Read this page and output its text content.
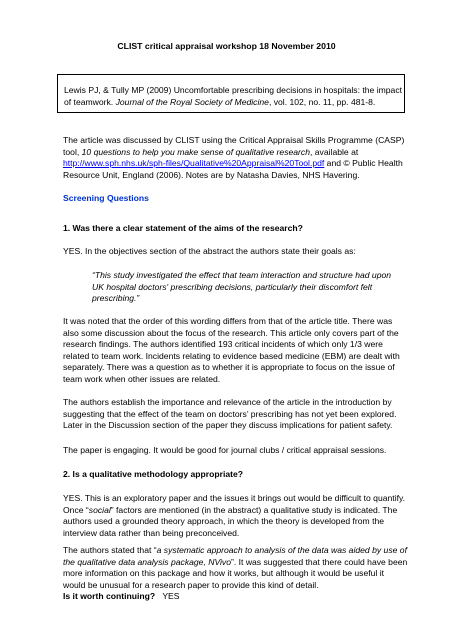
CLIST critical appraisal workshop 18 November 2010
Lewis PJ, & Tully MP (2009) Uncomfortable prescribing decisions in hospitals: the impact of teamwork. Journal of the Royal Society of Medicine, vol. 102, no. 11, pp. 481-8.

The article was discussed by CLIST using the Critical Appraisal Skills Programme (CASP) tool, 10 questions to help you make sense of qualitative research, available at http://www.sph.nhs.uk/sph-files/Qualitative%20Appraisal%20Tool.pdf and © Public Health Resource Unit, England (2006). Notes are by Natasha Davies, NHS Havering.

Screening Questions

1. Was there a clear statement of the aims of the research?

YES. In the objectives section of the abstract the authors state their goals as:

“This study investigated the effect that team interaction and structure had upon UK hospital doctors' prescribing decisions, particularly their discomfort felt prescribing.”

It was noted that the order of this wording differs from that of the article title. There was also some discussion about the focus of the research. This article only covers part of the research findings. The authors identified 193 critical incidents of which only 1/3 were related to team work. Incidents relating to evidence based medicine (EBM) are dealt with separately. There was a question as to whether it is appropriate to focus on the issue of team work when other issues are related.

The authors establish the importance and relevance of the article in the introduction by suggesting that the effect of the team on doctors’ prescribing has not yet been explored. Later in the Discussion section of the paper they discuss implications for patient safety.

The paper is engaging. It would be good for journal clubs / critical appraisal sessions.

2. Is a qualitative methodology appropriate?

YES. This is an exploratory paper and the issues it brings out would be difficult to quantify. Once “social” factors are mentioned (in the abstract) a qualitative study is indicated. The authors used a grounded theory approach, in which the theory is developed from the interview data rather than being preconceived.

The authors stated that “a systematic approach to analysis of the data was aided by use of the qualitative data analysis package, NVivo”. It was suggested that there could have been more information on this package and how it works, but although it would be useful it would be unusual for a research paper to provide this kind of detail.
Is it worth continuing? YES
